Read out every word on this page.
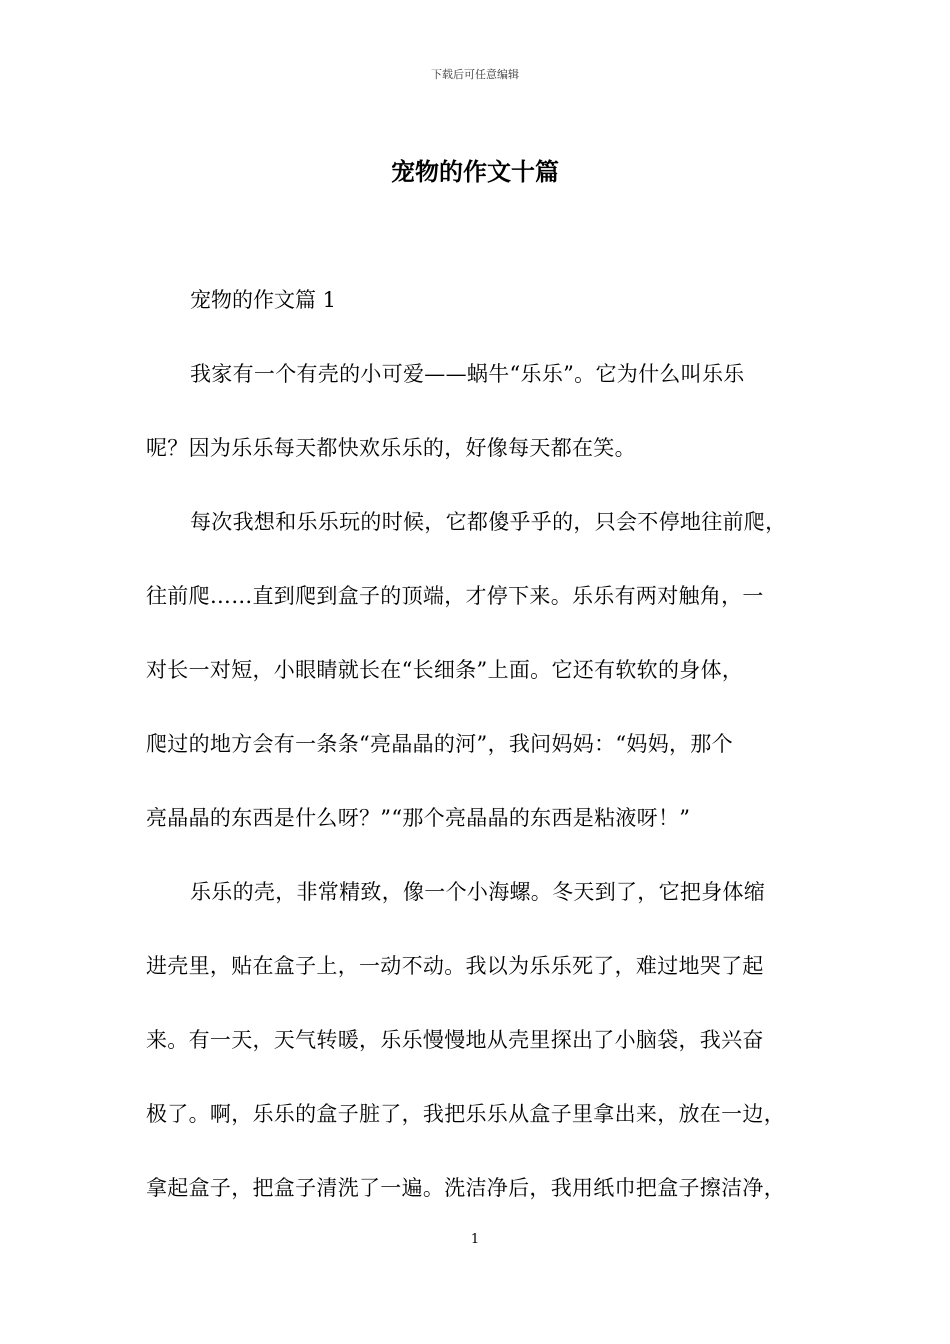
下载后可任意编辑
宠物的作文十篇
宠物的作文篇 1
我家有一个有壳的小可爱——蜗牛“乐乐”。它为什么叫乐乐
呢？因为乐乐每天都快欢乐乐的，好像每天都在笑。
每次我想和乐乐玩的时候，它都傻乎乎的，只会不停地往前爬，
往前爬……直到爬到盒子的顶端，才停下来。乐乐有两对触角，一
对长一对短，小眼睛就长在“长细条”上面。它还有软软的身体，
爬过的地方会有一条条“亮晶晶的河”，我问妈妈：“妈妈，那个
亮晶晶的东西是什么呀？”“那个亮晶晶的东西是粘液呀！”
乐乐的壳，非常精致，像一个小海螺。冬天到了，它把身体缩
进壳里，贴在盒子上，一动不动。我以为乐乐死了，难过地哭了起
来。有一天，天气转暖，乐乐慢慢地从壳里探出了小脑袋，我兴奋
极了。啊，乐乐的盒子脏了，我把乐乐从盒子里拿出来，放在一边，
拿起盒子，把盒子清洗了一遍。洗洁净后，我用纸巾把盒子擦洁净，
1
